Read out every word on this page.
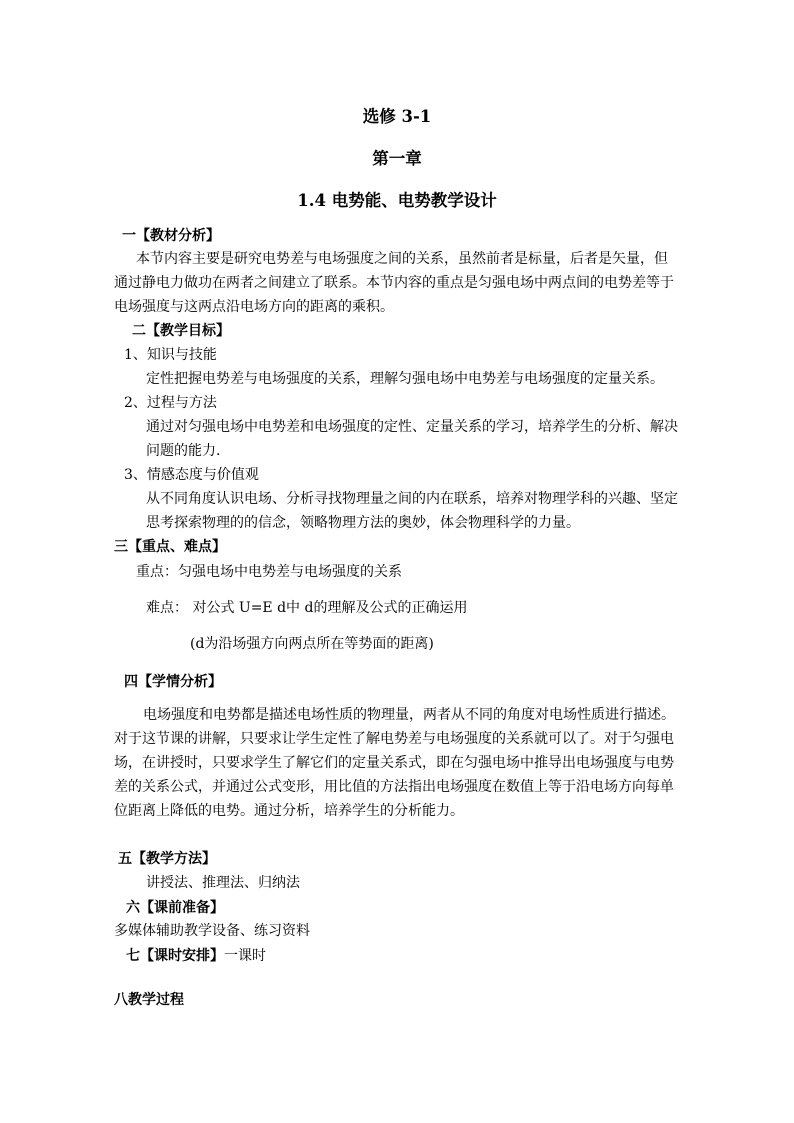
选修 3-1
第一章
1.4 电势能、电势教学设计
一【教材分析】
本节内容主要是研究电势差与电场强度之间的关系，虽然前者是标量，后者是矢量，但
通过静电力做功在两者之间建立了联系。本节内容的重点是匀强电场中两点间的电势差等于
电场强度与这两点沿电场方向的距离的乘积。
二【教学目标】
1、知识与技能
定性把握电势差与电场强度的关系，理解匀强电场中电势差与电场强度的定量关系。
2、过程与方法
通过对匀强电场中电势差和电场强度的定性、定量关系的学习，培养学生的分析、解决
问题的能力.
3、情感态度与价值观
从不同角度认识电场、分析寻找物理量之间的内在联系，培养对物理学科的兴趣、坚定
思考探索物理的的信念，领略物理方法的奥妙，体会物理科学的力量。
三【重点、难点】
重点：匀强电场中电势差与电场强度的关系
难点： 对公式 U=E d中 d的理解及公式的正确运用
(d为沿场强方向两点所在等势面的距离)
四【学情分析】
电场强度和电势都是描述电场性质的物理量，两者从不同的角度对电场性质进行描述。
对于这节课的讲解，只要求让学生定性了解电势差与电场强度的关系就可以了。对于匀强电
场，在讲授时，只要求学生了解它们的定量关系式，即在匀强电场中推导出电场强度与电势
差的关系公式，并通过公式变形，用比值的方法指出电场强度在数值上等于沿电场方向每单
位距离上降低的电势。通过分析，培养学生的分析能力。
五【教学方法】
讲授法、推理法、归纳法
六【课前准备】
多媒体辅助教学设备、练习资料
七【课时安排】一课时
八教学过程
